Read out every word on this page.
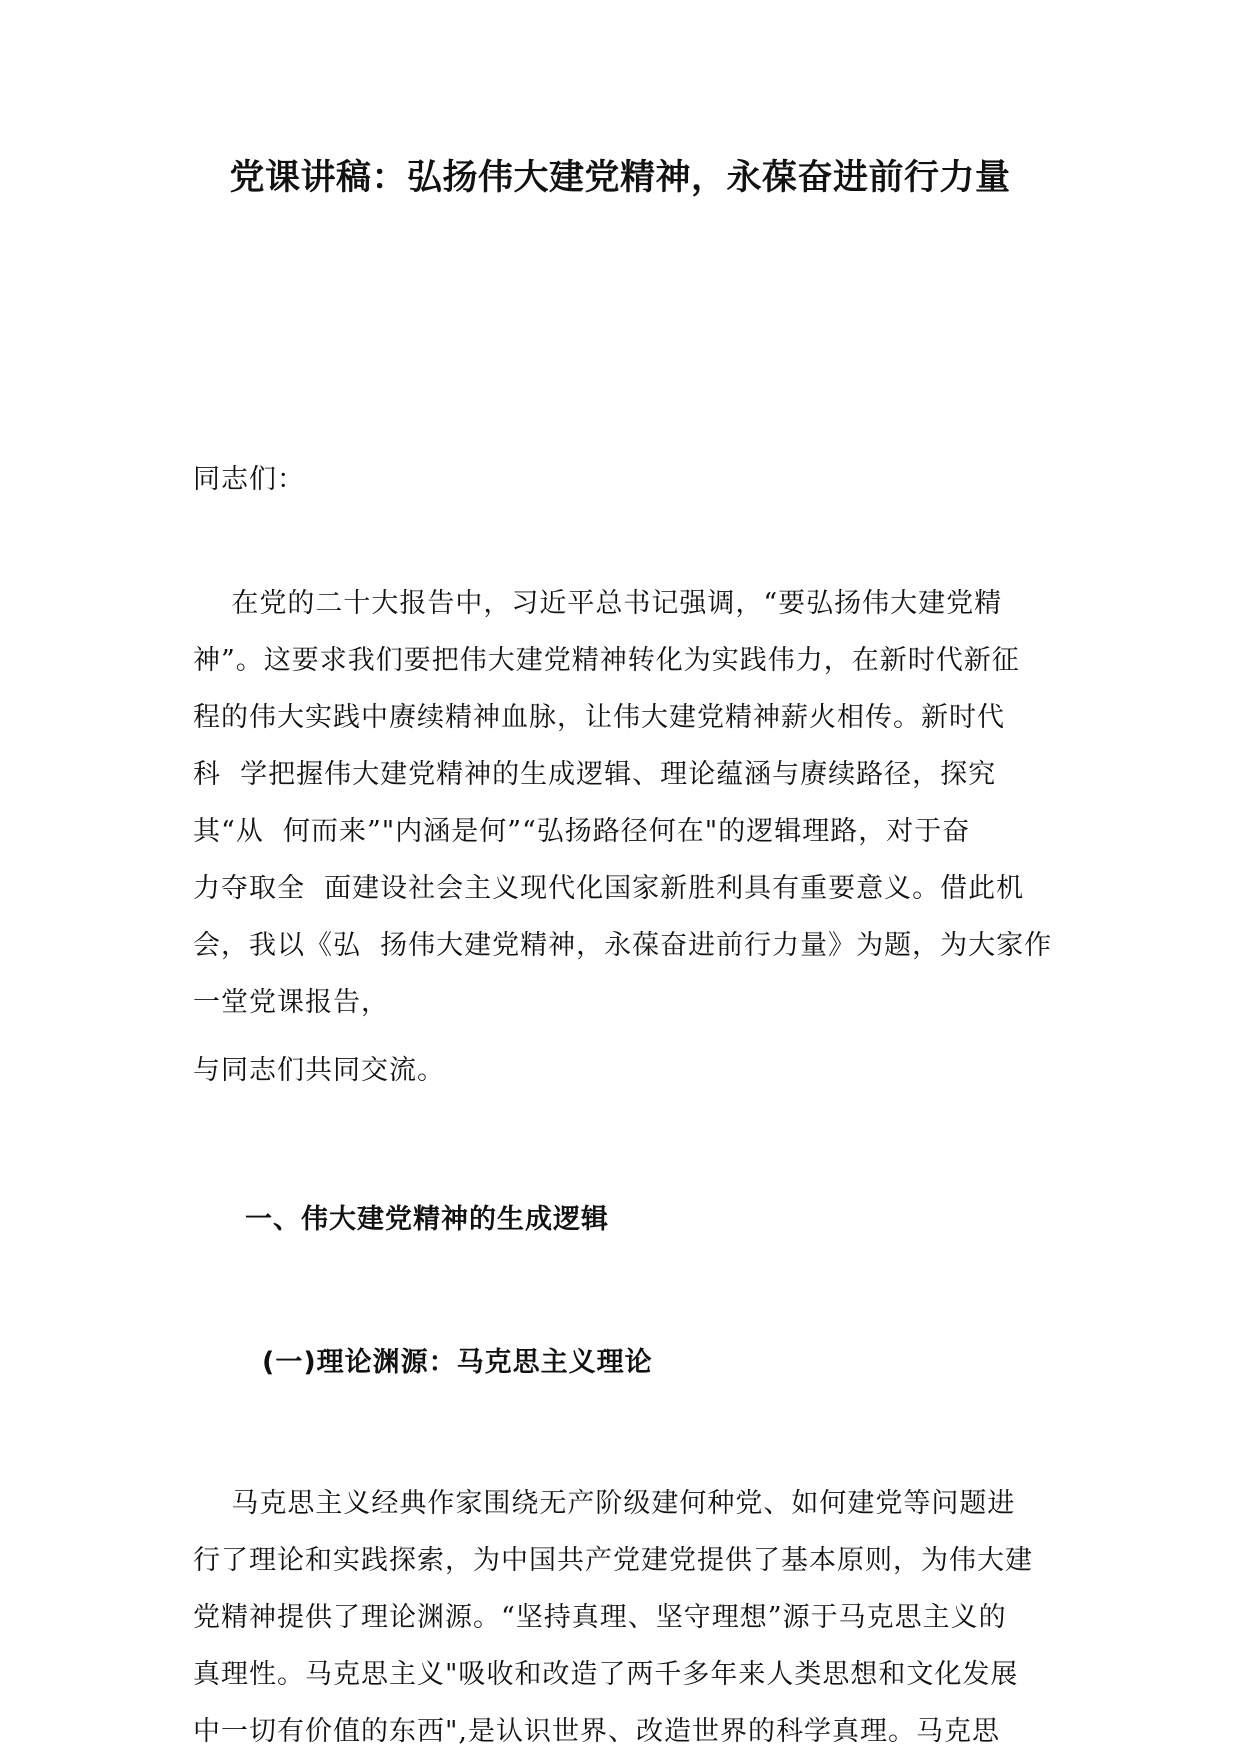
党课讲稿：弘扬伟大建党精神，永葆奋进前行力量

同志们：

在党的二十大报告中，习近平总书记强调，“要弘扬伟大建党精
神”。这要求我们要把伟大建党精神转化为实践伟力，在新时代新征
程的伟大实践中赓续精神血脉，让伟大建党精神薪火相传。新时代
科  学把握伟大建党精神的生成逻辑、理论蕴涵与赓续路径，探究
其“从  何而来”"内涵是何”“弘扬路径何在"的逻辑理路，对于奋
力夺取全  面建设社会主义现代化国家新胜利具有重要意义。借此机
会，我以《弘  扬伟大建党精神，永葆奋进前行力量》为题，为大家作
一堂党课报告，

与同志们共同交流。

一、伟大建党精神的生成逻辑
(一)理论渊源：马克思主义理论
马克思主义经典作家围绕无产阶级建何种党、如何建党等问题进
行了理论和实践探索，为中国共产党建党提供了基本原则，为伟大建
党精神提供了理论渊源。“坚持真理、坚守理想”源于马克思主义的
真理性。马克思主义"吸收和改造了两千多年来人类思想和文化发展
中一切有价值的东西",是认识世界、改造世界的科学真理。马克思
